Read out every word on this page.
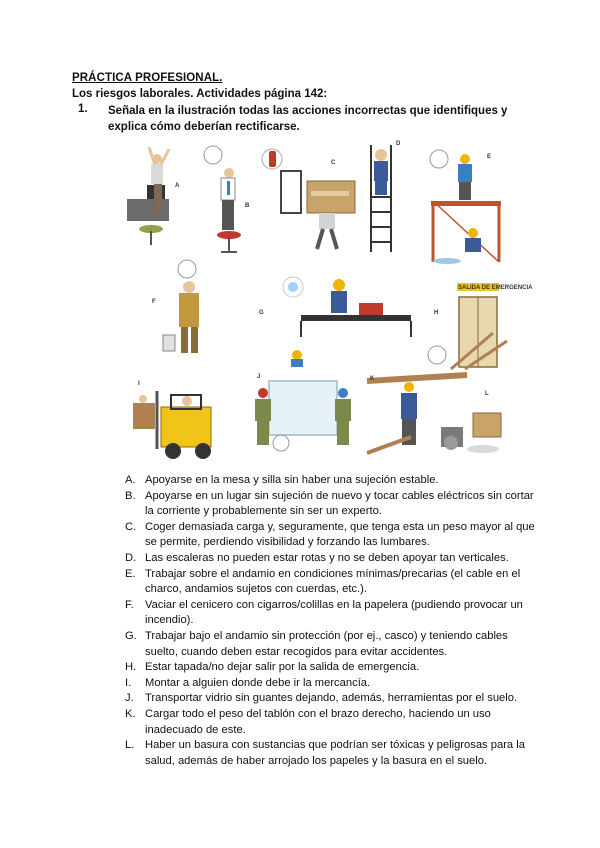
PRÁCTICA PROFESIONAL.
Los riesgos laborales. Actividades página 142:
1. Señala en la ilustración todas las acciones incorrectas que identifiques y explica cómo deberían rectificarse.
SALIDA DE EMERGENCIA
A
B
C
D
E
F
G	H
I
J	K
L
A. Apoyarse en la mesa y silla sin haber una sujeción estable.
B. Apoyarse en un lugar sin sujeción de nuevo y tocar cables eléctricos sin cortar la corriente y probablemente sin ser un experto.
C. Coger demasiada carga y, seguramente, que tenga esta un peso mayor al que se permite, perdiendo visibilidad y forzando las lumbares.
D. Las escaleras no pueden estar rotas y no se deben apoyar tan verticales.
E. Trabajar sobre el andamio en condiciones mínimas/precarias (el cable en el charco, andamios sujetos con cuerdas, etc.).
F.	Vaciar el cenicero con cigarros/colillas en la papelera (pudiendo provocar un incendio).
G. Trabajar bajo el andamio sin protección (por ej., casco) y teniendo cables suelto, cuando deben estar recogidos para evitar accidentes.
H. Estar tapada/no dejar salir por la salida de emergencia.
I.	Montar a alguien donde debe ir la mercancía.
J.	Transportar vidrio sin guantes dejando, además, herramientas por el suelo.
K. Cargar todo el peso del tablón con el brazo derecho, haciendo un uso inadecuado de este.
L. Haber un basura con sustancias que podrían ser tóxicas y peligrosas para la salud, además de haber arrojado los papeles y la basura en el suelo.
